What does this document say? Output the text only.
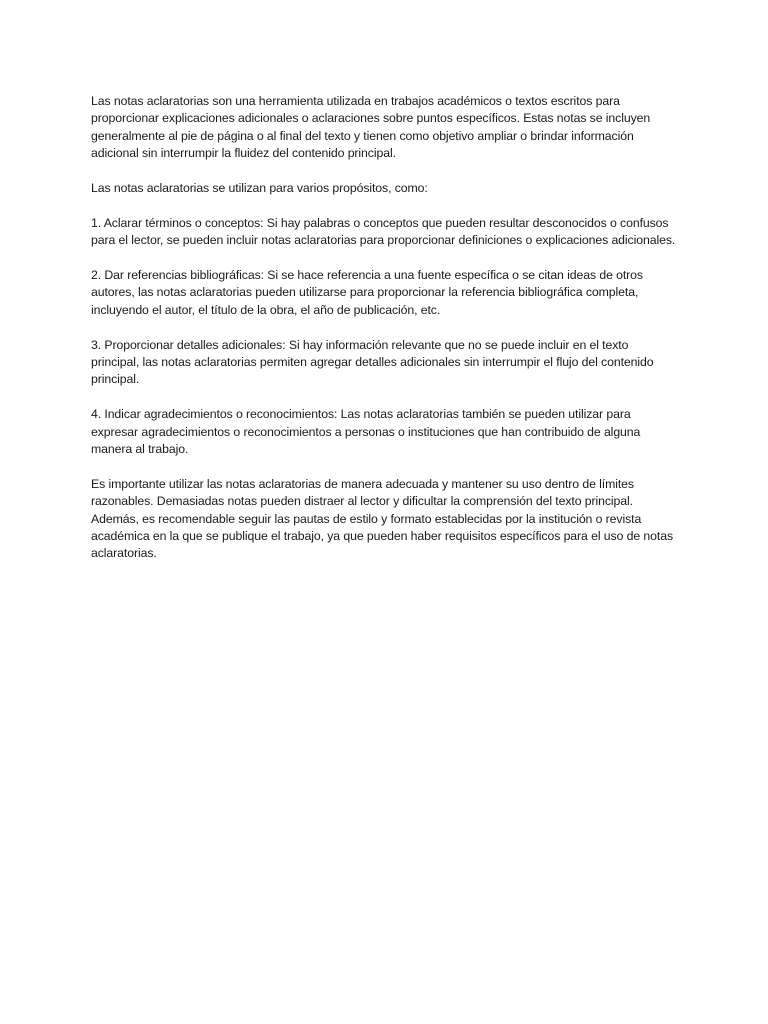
Las notas aclaratorias son una herramienta utilizada en trabajos académicos o textos escritos para proporcionar explicaciones adicionales o aclaraciones sobre puntos específicos. Estas notas se incluyen generalmente al pie de página o al final del texto y tienen como objetivo ampliar o brindar información adicional sin interrumpir la fluidez del contenido principal.

Las notas aclaratorias se utilizan para varios propósitos, como:

1. Aclarar términos o conceptos: Si hay palabras o conceptos que pueden resultar desconocidos o confusos para el lector, se pueden incluir notas aclaratorias para proporcionar definiciones o explicaciones adicionales.

2. Dar referencias bibliográficas: Si se hace referencia a una fuente específica o se citan ideas de otros autores, las notas aclaratorias pueden utilizarse para proporcionar la referencia bibliográfica completa, incluyendo el autor, el título de la obra, el año de publicación, etc.

3. Proporcionar detalles adicionales: Si hay información relevante que no se puede incluir en el texto principal, las notas aclaratorias permiten agregar detalles adicionales sin interrumpir el flujo del contenido principal.

4. Indicar agradecimientos o reconocimientos: Las notas aclaratorias también se pueden utilizar para expresar agradecimientos o reconocimientos a personas o instituciones que han contribuido de alguna manera al trabajo.

Es importante utilizar las notas aclaratorias de manera adecuada y mantener su uso dentro de límites razonables. Demasiadas notas pueden distraer al lector y dificultar la comprensión del texto principal. Además, es recomendable seguir las pautas de estilo y formato establecidas por la institución o revista académica en la que se publique el trabajo, ya que pueden haber requisitos específicos para el uso de notas aclaratorias.
